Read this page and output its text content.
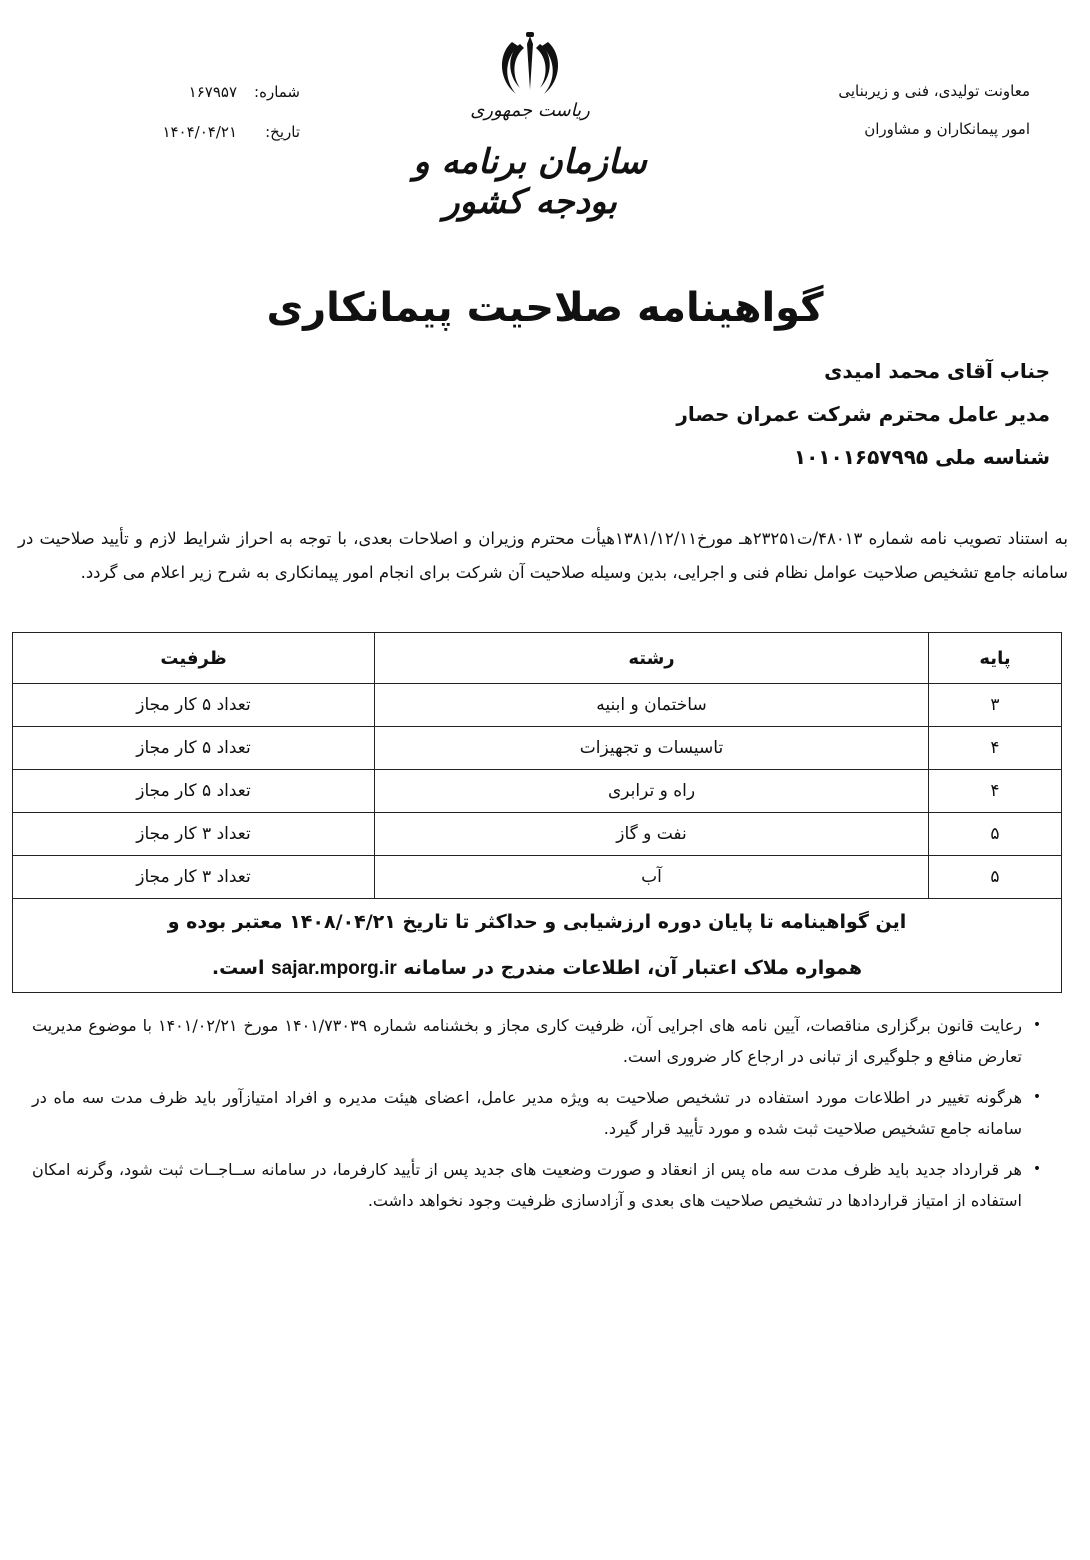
معاونت تولیدی، فنی و زیربنایی
امور پیمانکاران و مشاوران
شماره:
۱۶۷۹۵۷
تاریخ:
۱۴۰۴/۰۴/۲۱
ریاست جمهوری
سازمان برنامه و بودجه کشور
گواهینامه صلاحیت پیمانکاری
جناب آقای محمد امیدی
مدیر عامل محترم شرکت عمران حصار
شناسه ملی ۱۰۱۰۱۶۵۷۹۹۵
به استناد تصویب نامه شماره ۴۸۰۱۳/ت۲۳۲۵۱هـ مورخ۱۳۸۱/۱۲/۱۱هیأت محترم وزیران و اصلاحات بعدی، با توجه به احراز شرایط لازم و تأیید صلاحیت در سامانه جامع تشخیص صلاحیت عوامل نظام فنی و اجرایی، بدین وسیله صلاحیت آن شرکت برای انجام امور پیمانکاری به شرح زیر اعلام می گردد.
پایه	رشته	ظرفیت
۳	ساختمان و ابنیه	تعداد ۵ کار مجاز
۴	تاسیسات و تجهیزات	تعداد ۵ کار مجاز
۴	راه و ترابری	تعداد ۵ کار مجاز
۵	نفت و گاز	تعداد ۳ کار مجاز
۵	آب	تعداد ۳ کار مجاز

این گواهینامه تا پایان دوره ارزشیابی و حداکثر تا تاریخ ۱۴۰۸/۰۴/۲۱ معتبر بوده و
همواره ملاک اعتبار آن، اطلاعات مندرج در سامانه sajar.mporg.ir است.		
•
رعایت قانون برگزاری مناقصات، آیین نامه های اجرایی آن، ظرفیت کاری مجاز و بخشنامه شماره ۱۴۰۱/۷۳۰۳۹ مورخ ۱۴۰۱/۰۲/۲۱ با موضوع مدیریت تعارض منافع و جلوگیری از تبانی در ارجاع کار ضروری است.
•
هرگونه تغییر در اطلاعات مورد استفاده در تشخیص صلاحیت به ویژه مدیر عامل، اعضای هیئت مدیره و افراد امتیازآور باید ظرف مدت سه ماه در سامانه جامع تشخیص صلاحیت ثبت شده و مورد تأیید قرار گیرد.
•
هر قرارداد جدید باید ظرف مدت سه ماه پس از انعقاد و صورت وضعیت های جدید پس از تأیید کارفرما، در سامانه ســاجــات ثبت شود، وگرنه امکان استفاده از امتیاز قراردادها در تشخیص صلاحیت های بعدی و آزادسازی ظرفیت وجود نخواهد داشت.
